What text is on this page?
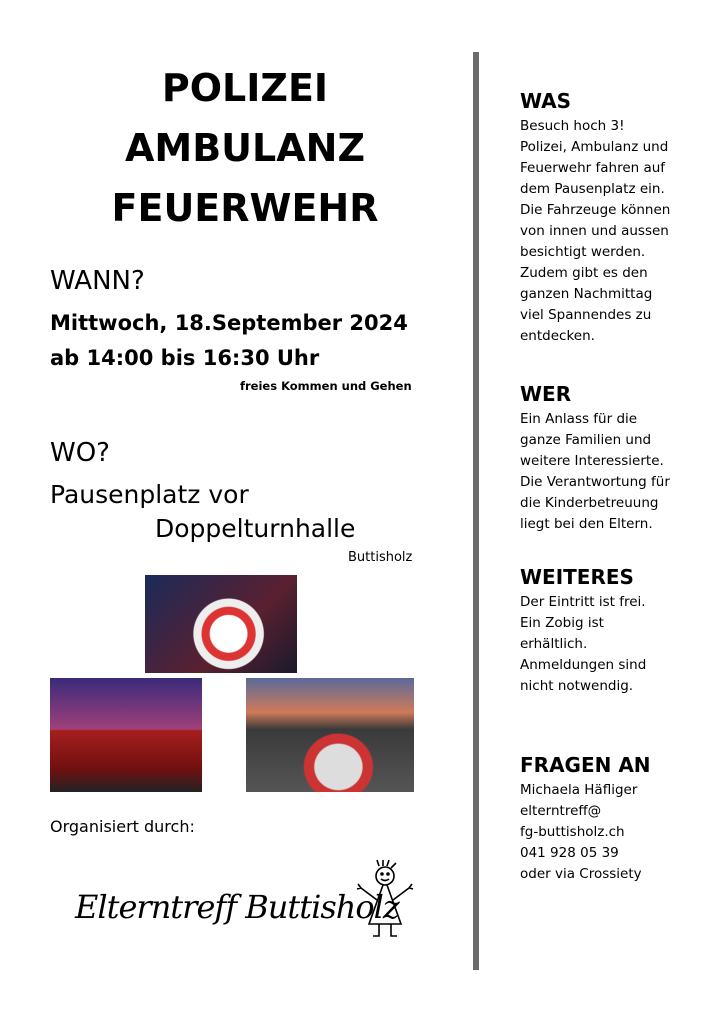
POLIZEI
AMBULANZ
FEUERWEHR
WANN?
Mittwoch, 18.September 2024
ab 14:00 bis 16:30 Uhr
freies Kommen und Gehen
WO?
Pausenplatz vor
Doppelturnhalle
Buttisholz
Organisiert durch:
Elterntreff Buttisholz
WAS
Besuch hoch 3!
Polizei, Ambulanz und
Feuerwehr fahren auf
dem Pausenplatz ein.
Die Fahrzeuge können
von innen und aussen
besichtigt werden.
Zudem gibt es den
ganzen Nachmittag
viel Spannendes zu
entdecken.
WER
Ein Anlass für die
ganze Familien und
weitere Interessierte.
Die Verantwortung für
die Kinderbetreuung
liegt bei den Eltern.
WEITERES
Der Eintritt ist frei.
Ein Zobig ist
erhältlich.
Anmeldungen sind
nicht notwendig.
FRAGEN AN
Michaela Häfliger
elterntreff@
fg-buttisholz.ch
041 928 05 39
oder via Crossiety
